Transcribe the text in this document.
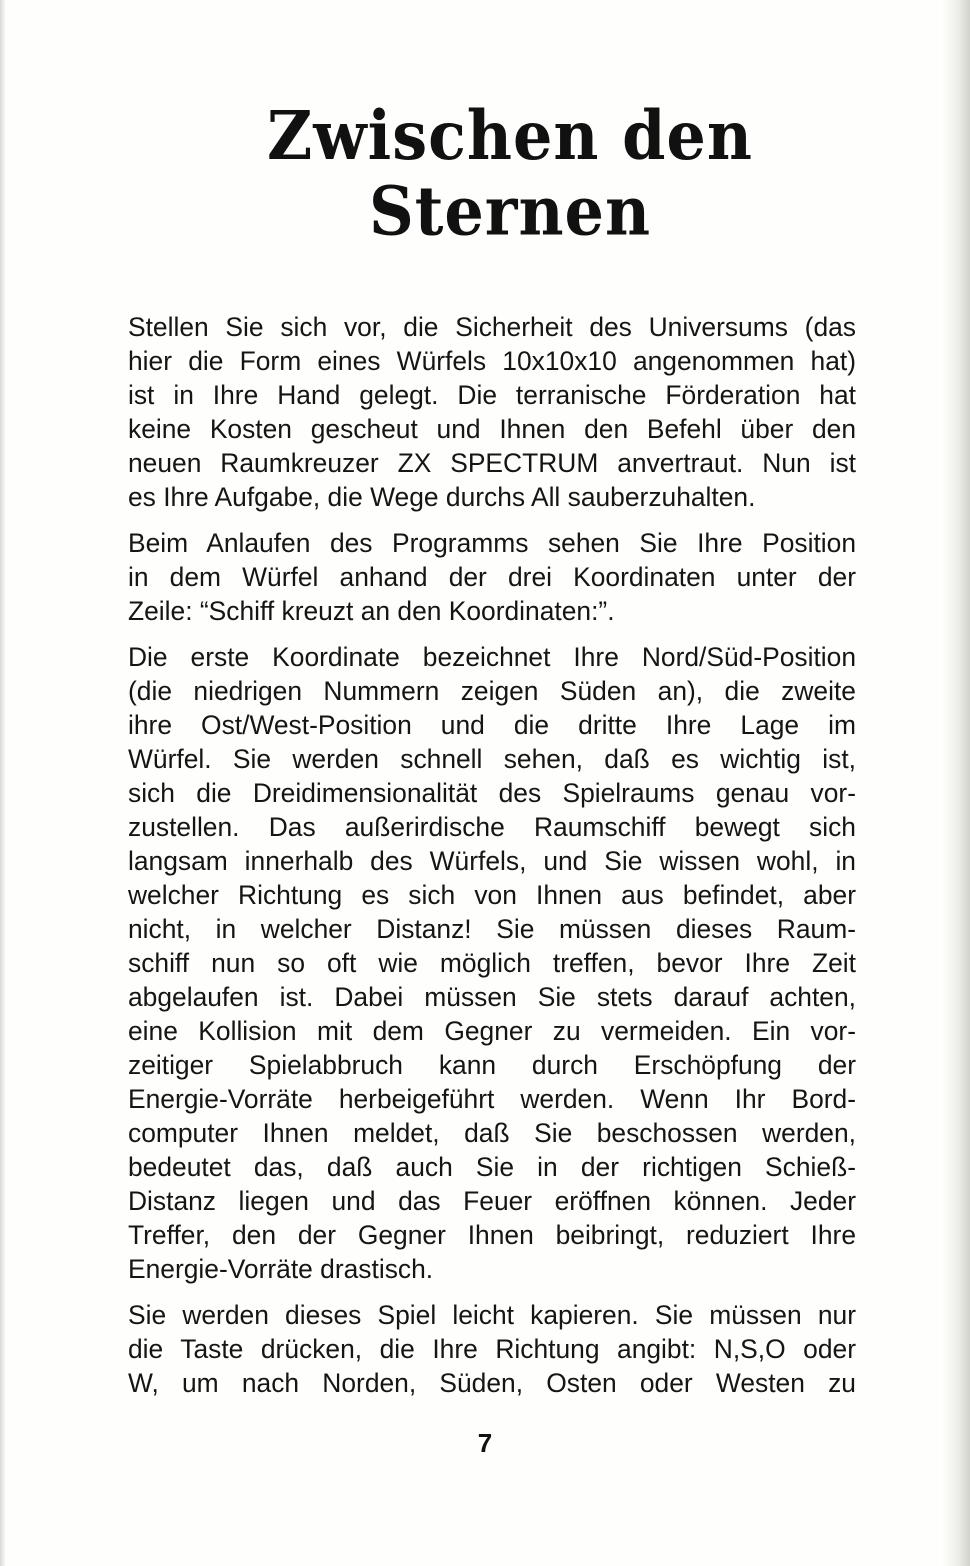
Zwischen den
Sternen
Stellen Sie sich vor, die Sicherheit des Universums (das
hier die Form eines Würfels 10x10x10 angenommen hat)
ist in Ihre Hand gelegt. Die terranische Förderation hat
keine Kosten gescheut und Ihnen den Befehl über den
neuen Raumkreuzer ZX SPECTRUM anvertraut. Nun ist
es Ihre Aufgabe, die Wege durchs All sauberzuhalten.
Beim Anlaufen des Programms sehen Sie Ihre Position
in dem Würfel anhand der drei Koordinaten unter der
Zeile: “Schiff kreuzt an den Koordinaten:”.
Die erste Koordinate bezeichnet Ihre Nord/Süd-Position
(die niedrigen Nummern zeigen Süden an), die zweite
ihre Ost/West-Position und die dritte Ihre Lage im
Würfel. Sie werden schnell sehen, daß es wichtig ist,
sich die Dreidimensionalität des Spielraums genau vor-
zustellen. Das außerirdische Raumschiff bewegt sich
langsam innerhalb des Würfels, und Sie wissen wohl, in
welcher Richtung es sich von Ihnen aus befindet, aber
nicht, in welcher Distanz! Sie müssen dieses Raum-
schiff nun so oft wie möglich treffen, bevor Ihre Zeit
abgelaufen ist. Dabei müssen Sie stets darauf achten,
eine Kollision mit dem Gegner zu vermeiden. Ein vor-
zeitiger Spielabbruch kann durch Erschöpfung der
Energie-Vorräte herbeigeführt werden. Wenn Ihr Bord-
computer Ihnen meldet, daß Sie beschossen werden,
bedeutet das, daß auch Sie in der richtigen Schieß-
Distanz liegen und das Feuer eröffnen können. Jeder
Treffer, den der Gegner Ihnen beibringt, reduziert Ihre
Energie-Vorräte drastisch.
Sie werden dieses Spiel leicht kapieren. Sie müssen nur
die Taste drücken, die Ihre Richtung angibt: N,S,O oder
W, um nach Norden, Süden, Osten oder Westen zu
7
